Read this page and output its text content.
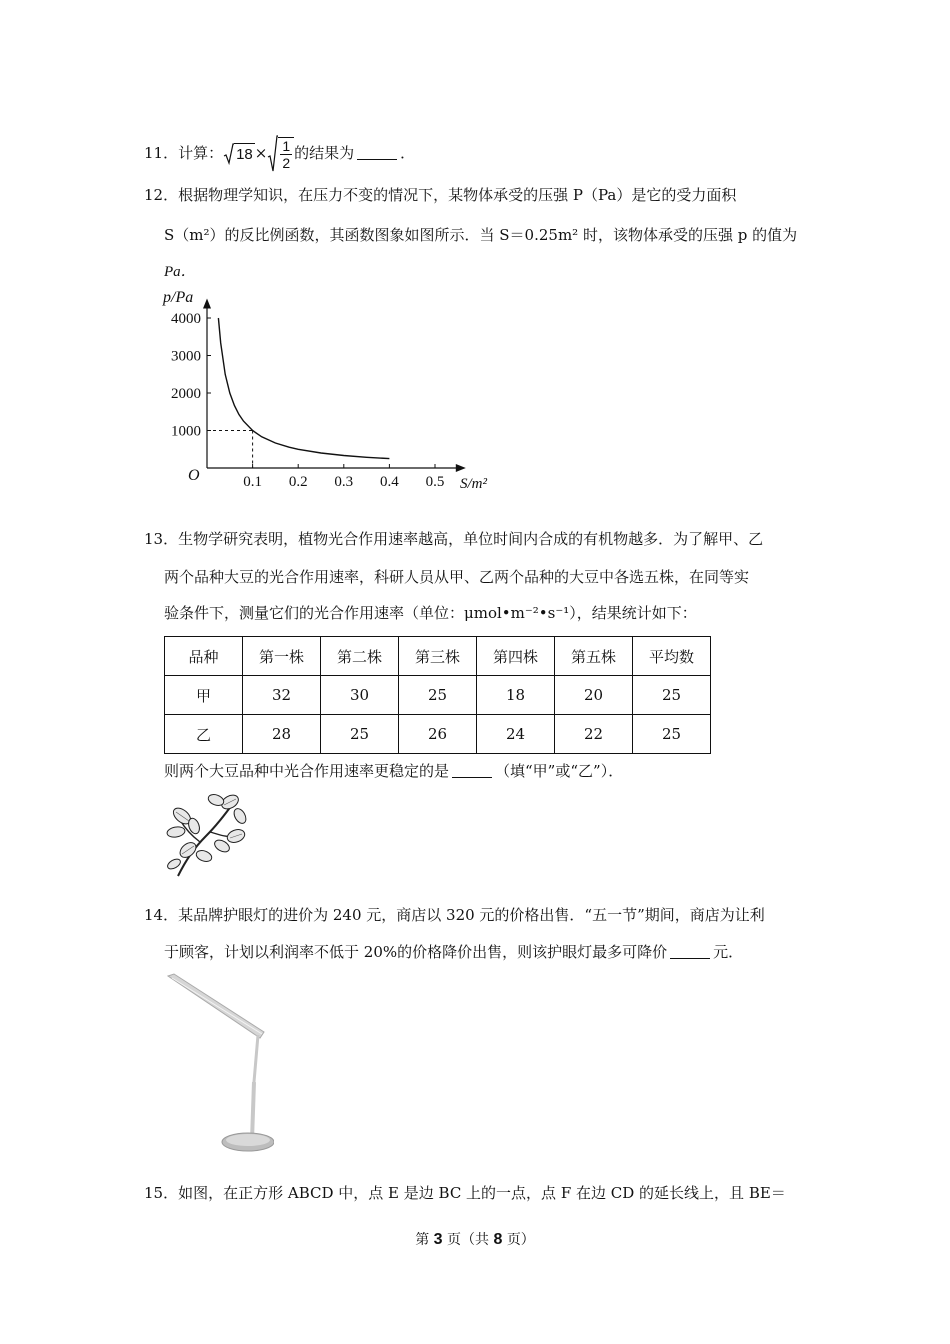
11．计算： $18 \times \frac{1}{2}$ 的结果为	．
12．根据物理学知识，在压力不变的情况下，某物体承受的压强 P（Pa）是它的受力面积
S（m²）的反比例函数，其函数图象如图所示．当 S＝0.25m² 时，该物体承受的压强 p 的值为
Pa．
0.1 0.2 0.3 0.4 0.5
1000
2000
3000
4000
p/Pa
S/m²
O
13．生物学研究表明，植物光合作用速率越高，单位时间内合成的有机物越多．为了解甲、乙
两个品种大豆的光合作用速率，科研人员从甲、乙两个品种的大豆中各选五株，在同等实
验条件下，测量它们的光合作用速率（单位：μmol•m⁻²•s⁻¹），结果统计如下：
品种	第一株	第二株	第三株	第四株	第五株	平均数
甲	32	30	25	18	20	25
乙	28	25	26	24	22	25
则两个大豆品种中光合作用速率更稳定的是	（填“甲”或“乙”）．
14．某品牌护眼灯的进价为 240 元，商店以 320 元的价格出售．“五一节”期间，商店为让利
于顾客，计划以利润率不低于 20%的价格降价出售，则该护眼灯最多可降价	元．
15．如图，在正方形 ABCD 中，点 E 是边 BC 上的一点，点 F 在边 CD 的延长线上，且 BE＝
第 3 页（共 8 页）
